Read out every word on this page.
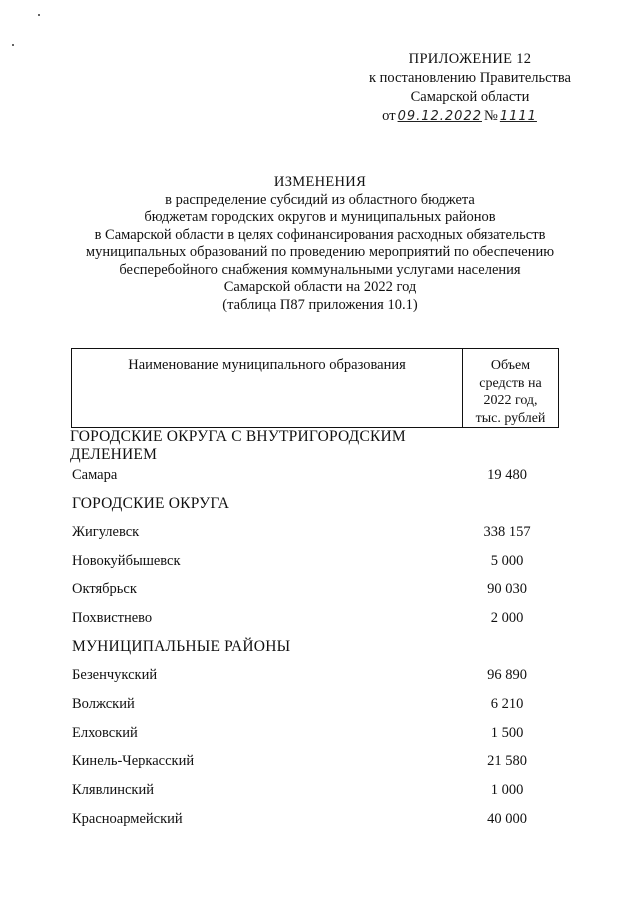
ПРИЛОЖЕНИЕ 12
к постановлению Правительства
Самарской области
от 09.12.2022 № 1111
ИЗМЕНЕНИЯ
в распределение субсидий из областного бюджета
бюджетам городских округов и муниципальных районов
в Самарской области в целях софинансирования расходных обязательств
муниципальных образований по проведению мероприятий по обеспечению
бесперебойного снабжения коммунальными услугами населения
Самарской области на 2022 год
(таблица П87 приложения 10.1)
Наименование муниципального образования	Объем
средств на
2022 год,
тыс. рублей
ГОРОДСКИЕ ОКРУГА С ВНУТРИГОРОДСКИМ ДЕЛЕНИЕМ
Самара	19 480
ГОРОДСКИЕ ОКРУГА
Жигулевск	338 157
Новокуйбышевск	5 000
Октябрьск	90 030
Похвистнево	2 000
МУНИЦИПАЛЬНЫЕ РАЙОНЫ
Безенчукский	96 890
Волжский	6 210
Елховский	1 500
Кинель-Черкасский	21 580
Клявлинский	1 000
Красноармейский	40 000
